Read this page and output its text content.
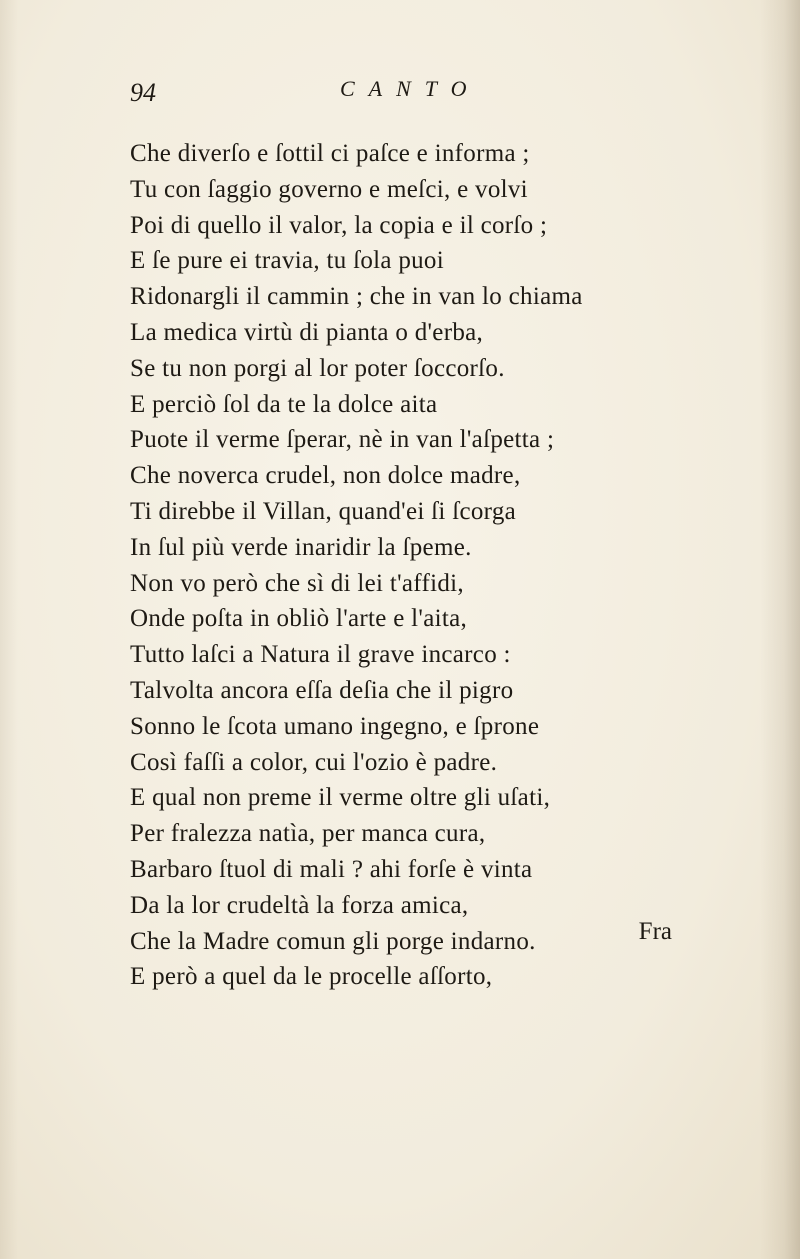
94	CANTO
Che diverſo e ſottil ci paſce e informa ;
Tu con ſaggio governo e meſci, e volvi
Poi di quello il valor, la copia e il corſo ;
E ſe pure ei travia, tu ſola puoi
Ridonargli il cammin ; che in van lo chiama
La medica virtù di pianta o d'erba,
Se tu non porgi al lor poter ſoccorſo.
E perciò ſol da te la dolce aita
Puote il verme ſperar, nè in van l'aſpetta ;
Che noverca crudel, non dolce madre,
Ti direbbe il Villan, quand'ei ſi ſcorga
In ſul più verde inaridir la ſpeme.
Non vo però che sì di lei t'affidi,
Onde poſta in obliò l'arte e l'aita,
Tutto laſci a Natura il grave incarco :
Talvolta ancora eſſa deſia che il pigro
Sonno le ſcota umano ingegno, e ſprone
Così faſſi a color, cui l'ozio è padre.
E qual non preme il verme oltre gli uſati,
Per fralezza natìa, per manca cura,
Barbaro ſtuol di mali ? ahi forſe è vinta
Da la lor crudeltà la forza amica,
Che la Madre comun gli porge indarno.
E però a quel da le procelle aſſorto,
Fra
